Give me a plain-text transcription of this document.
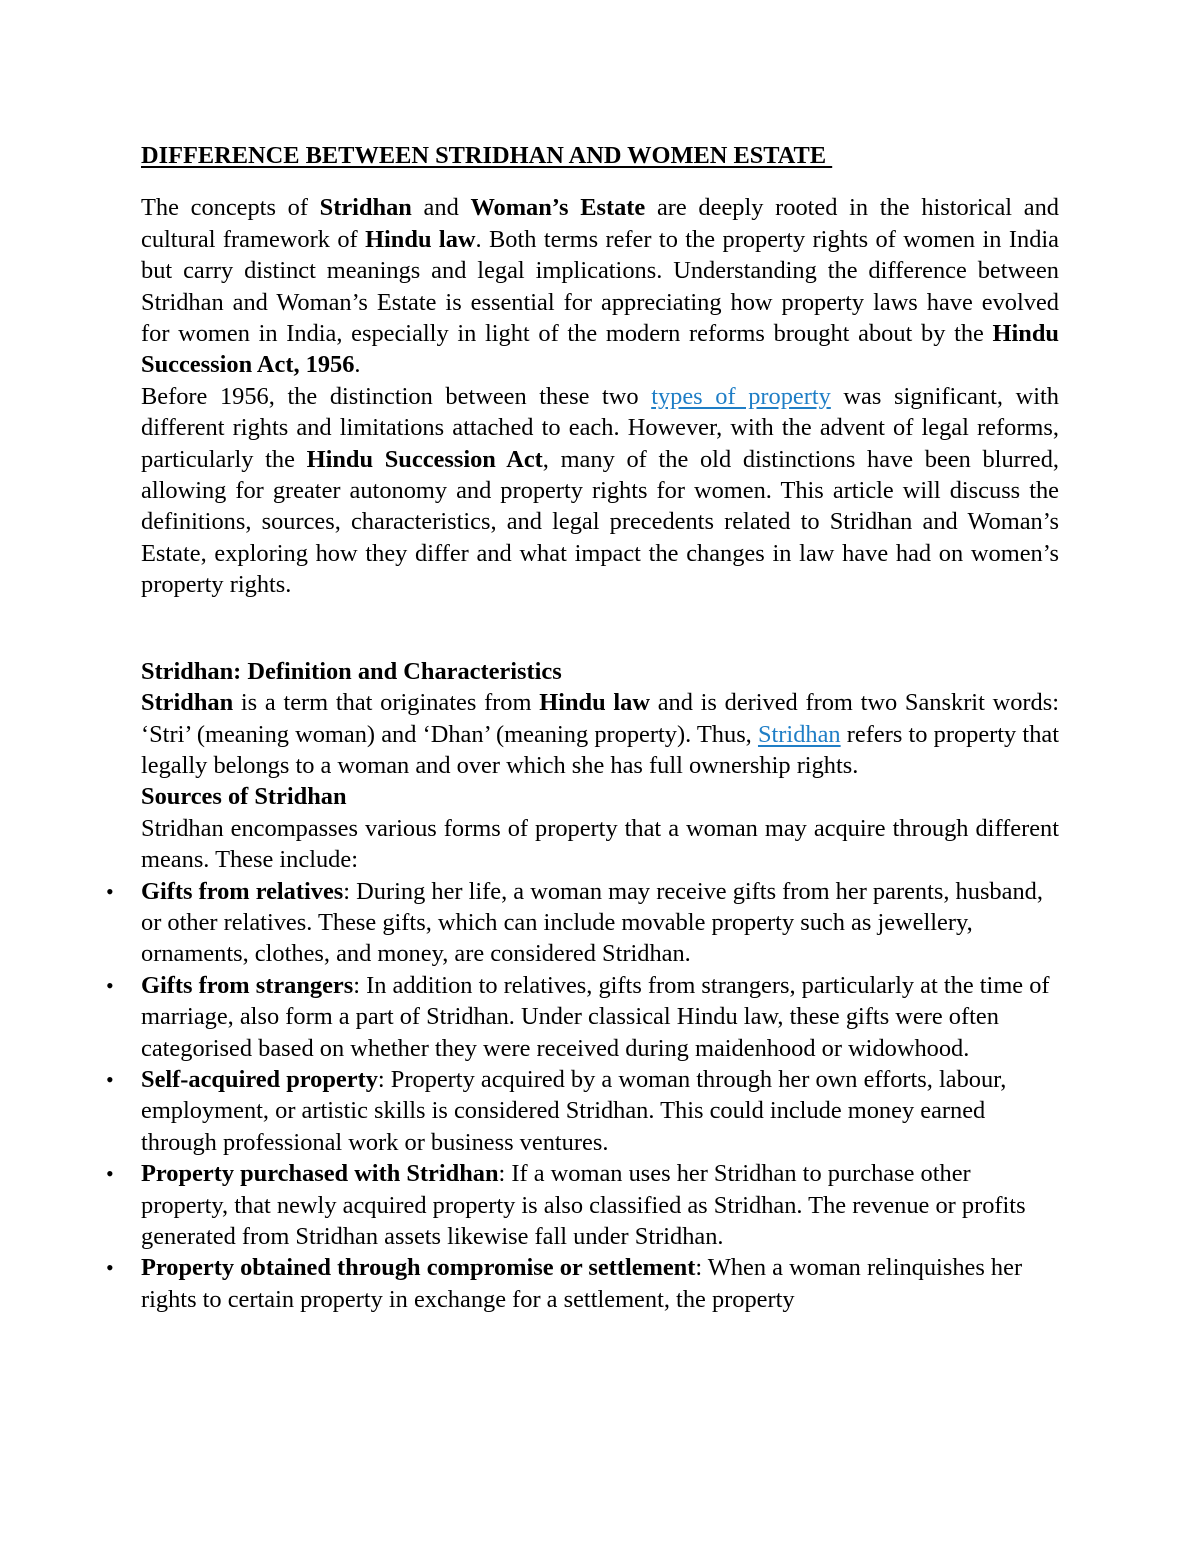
DIFFERENCE BETWEEN STRIDHAN AND WOMEN ESTATE

The concepts of Stridhan and Woman’s Estate are deeply rooted in the historical and cultural framework of Hindu law. Both terms refer to the property rights of women in India but carry distinct meanings and legal implications. Understanding the difference between Stridhan and Woman’s Estate is essential for appreciating how property laws have evolved for women in India, especially in light of the modern reforms brought about by the Hindu Succession Act, 1956.

Before 1956, the distinction between these two types of property was significant, with different rights and limitations attached to each. However, with the advent of legal reforms, particularly the Hindu Succession Act, many of the old distinctions have been blurred, allowing for greater autonomy and property rights for women. This article will discuss the definitions, sources, characteristics, and legal precedents related to Stridhan and Woman’s Estate, exploring how they differ and what impact the changes in law have had on women’s property rights.

Stridhan: Definition and Characteristics

Stridhan is a term that originates from Hindu law and is derived from two Sanskrit words: ‘Stri’ (meaning woman) and ‘Dhan’ (meaning property). Thus, Stridhan refers to property that legally belongs to a woman and over which she has full ownership rights.

Sources of Stridhan

Stridhan encompasses various forms of property that a woman may acquire through different means. These include:

• Gifts from relatives: During her life, a woman may receive gifts from her parents, husband, or other relatives. These gifts, which can include movable property such as jewellery, ornaments, clothes, and money, are considered Stridhan.
• Gifts from strangers: In addition to relatives, gifts from strangers, particularly at the time of marriage, also form a part of Stridhan. Under classical Hindu law, these gifts were often categorised based on whether they were received during maidenhood or widowhood.
• Self-acquired property: Property acquired by a woman through her own efforts, labour, employment, or artistic skills is considered Stridhan. This could include money earned through professional work or business ventures.
• Property purchased with Stridhan: If a woman uses her Stridhan to purchase other property, that newly acquired property is also classified as Stridhan. The revenue or profits generated from Stridhan assets likewise fall under Stridhan.
• Property obtained through compromise or settlement: When a woman relinquishes her rights to certain property in exchange for a settlement, the property
